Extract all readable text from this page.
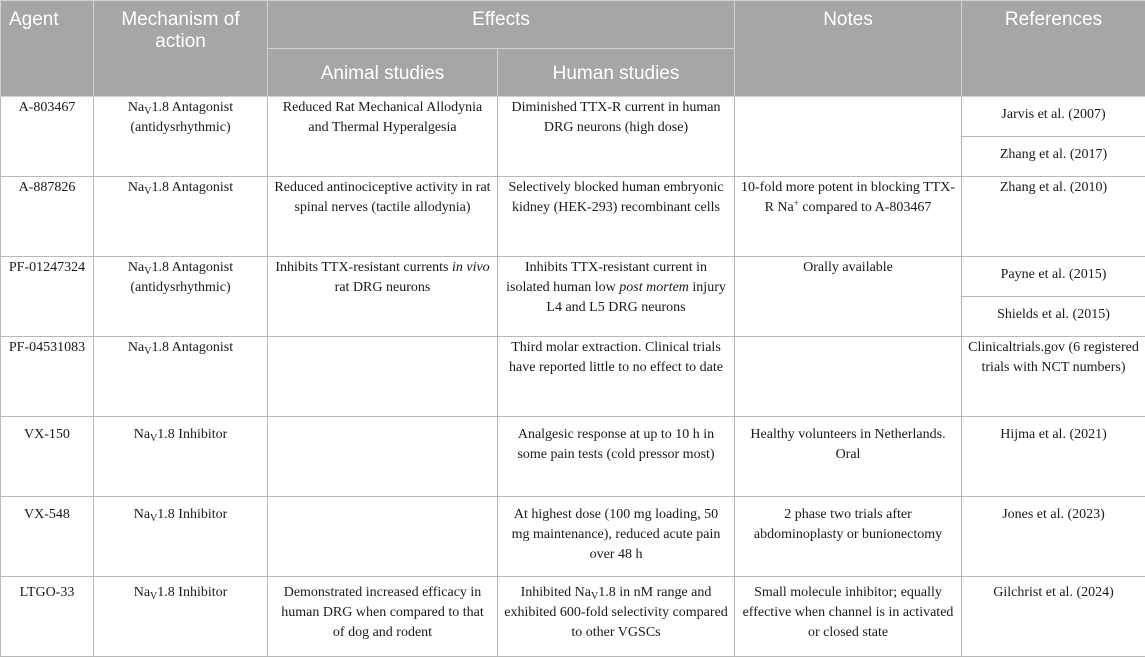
Agent	Mechanism of action	Effects		Notes	References
		Animal studies	Human studies		
A-803467	$Na_V1.8$ Antagonist (antidysrhythmic)	Reduced Rat Mechanical Allodynia and Thermal Hyperalgesia	Diminished TTX-R current in human DRG neurons (high dose)		Jarvis et al. (2007)
					Zhang et al. (2017)
A-887826	$Na_V1.8$ Antagonist	Reduced antinociceptive activity in rat spinal nerves (tactile allodynia)	Selectively blocked human embryonic kidney (HEK-293) recombinant cells	10-fold more potent in blocking TTX-R Na+ compared to A-803467	Zhang et al. (2010)
PF-01247324	$Na_V1.8$ Antagonist (antidysrhythmic)	Inhibits TTX-resistant currents in vivo rat DRG neurons	Inhibits TTX-resistant current in isolated human low post mortem injury L4 and L5 DRG neurons	Orally available	Payne et al. (2015)
					Shields et al. (2015)
PF-04531083	$Na_V1.8$ Antagonist		Third molar extraction. Clinical trials have reported little to no effect to date		Clinicaltrials.gov (6 registered trials with NCT numbers)
VX-150	$Na_V1.8$ Inhibitor		Analgesic response at up to 10 h in some pain tests (cold pressor most)	Healthy volunteers in Netherlands. Oral	Hijma et al. (2021)
VX-548	$Na_V1.8$ Inhibitor		At highest dose (100 mg loading, 50 mg maintenance), reduced acute pain over 48 h	2 phase two trials after abdominoplasty or bunionectomy	Jones et al. (2023)
LTGO-33	$Na_V1.8$ Inhibitor	Demonstrated increased efficacy in human DRG when compared to that of dog and rodent	Inhibited $Na_V1.8$ in nM range and exhibited 600-fold selectivity compared to other VGSCs	Small molecule inhibitor; equally effective when channel is in activated or closed state	Gilchrist et al. (2024)
